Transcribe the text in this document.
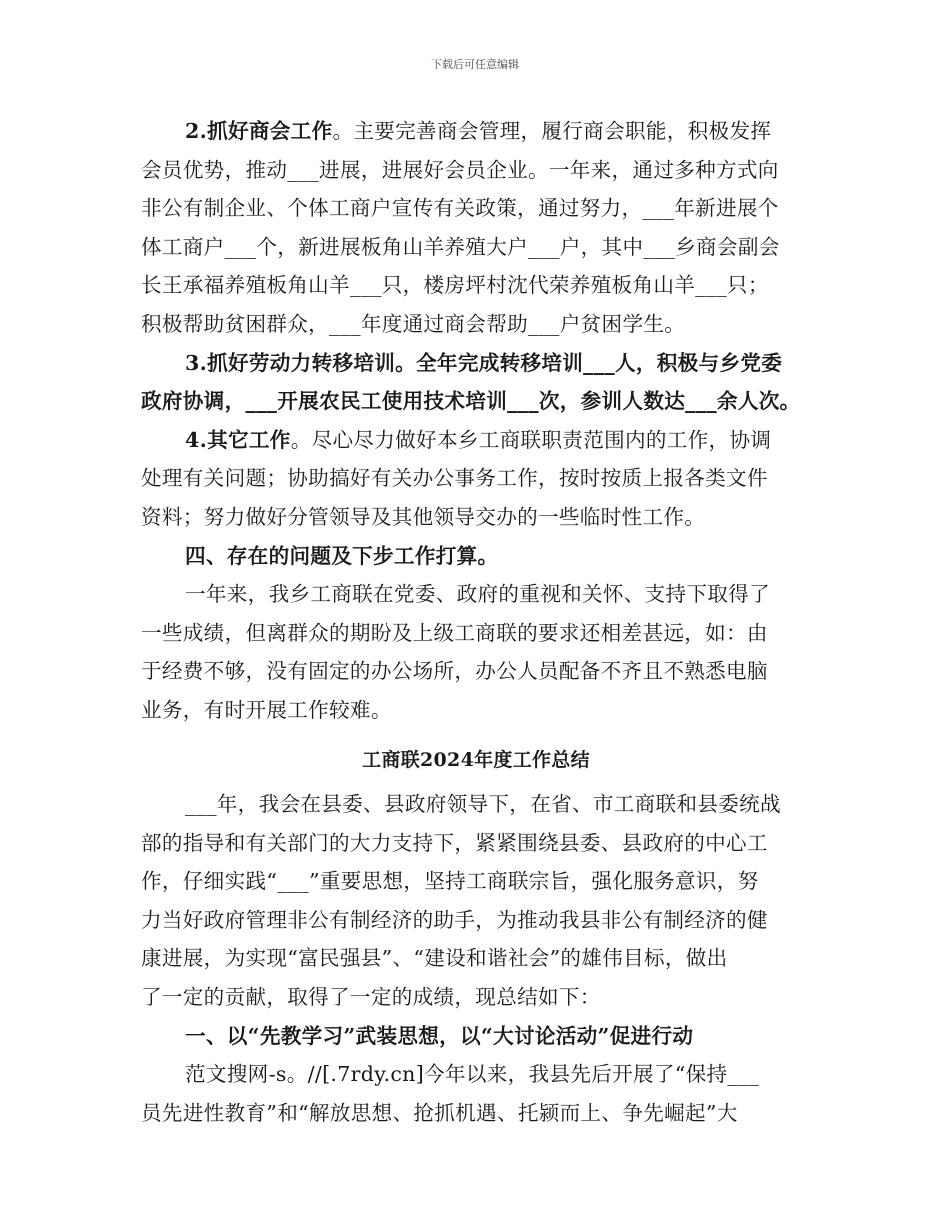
下载后可任意编辑

2.抓好商会工作。主要完善商会管理，履行商会职能，积极发挥

会员优势，推动___进展，进展好会员企业。一年来，通过多种方式向

非公有制企业、个体工商户宣传有关政策，通过努力，___年新进展个

体工商户___个，新进展板角山羊养殖大户___户，其中___乡商会副会

长王承福养殖板角山羊___只，楼房坪村沈代荣养殖板角山羊___只；

积极帮助贫困群众，___年度通过商会帮助___户贫困学生。

3.抓好劳动力转移培训。全年完成转移培训___人，积极与乡党委

政府协调，___开展农民工使用技术培训___次，参训人数达___余人次。

4.其它工作。尽心尽力做好本乡工商联职责范围内的工作，协调

处理有关问题；协助搞好有关办公事务工作，按时按质上报各类文件

资料；努力做好分管领导及其他领导交办的一些临时性工作。

四、存在的问题及下步工作打算。

一年来，我乡工商联在党委、政府的重视和关怀、支持下取得了

一些成绩，但离群众的期盼及上级工商联的要求还相差甚远，如：由

于经费不够，没有固定的办公场所，办公人员配备不齐且不熟悉电脑

业务，有时开展工作较难。

工商联2024年度工作总结

___年，我会在县委、县政府领导下，在省、市工商联和县委统战

部的指导和有关部门的大力支持下，紧紧围绕县委、县政府的中心工

作，仔细实践“___”重要思想，坚持工商联宗旨，强化服务意识，努

力当好政府管理非公有制经济的助手，为推动我县非公有制经济的健

康进展，为实现“富民强县”、“建设和谐社会”的雄伟目标，做出

了一定的贡献，取得了一定的成绩，现总结如下：

一、以“先教学习”武装思想，以“大讨论活动”促进行动

范文搜网-s。//[.7rdy.cn]今年以来，我县先后开展了“保持___

员先进性教育”和“解放思想、抢抓机遇、托颍而上、争先崛起”大
